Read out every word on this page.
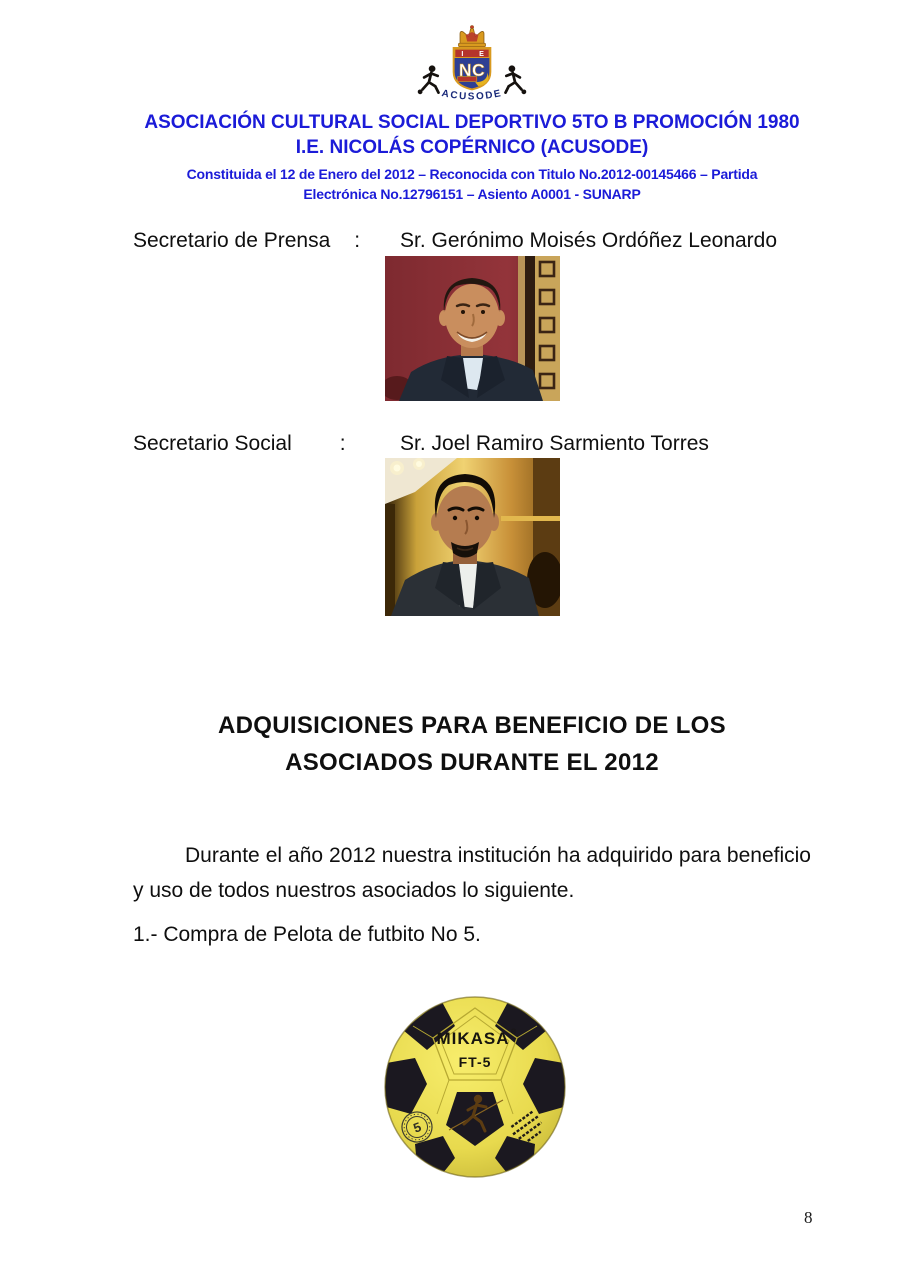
I E
NC
ACUSODE
ASOCIACIÓN CULTURAL SOCIAL DEPORTIVO 5TO B PROMOCIÓN 1980
I.E. NICOLÁS COPÉRNICO (ACUSODE)
Constituida el 12 de Enero del 2012 – Reconocida con Titulo No.2012-00145466 – Partida
Electrónica No.12796151 – Asiento A0001 - SUNARP
Secretario de Prensa : Sr. Gerónimo Moisés Ordóñez Leonardo
Secretario Social :	Sr. Joel Ramiro Sarmiento Torres
ADQUISICIONES PARA BENEFICIO DE LOS
ASOCIADOS DURANTE EL 2012

Durante el año 2012 nuestra institución ha adquirido para beneficio y uso de todos nuestros asociados lo siguiente.

1.- Compra de Pelota de futbito No 5.
MIKASA ®
FT-5
5
8
